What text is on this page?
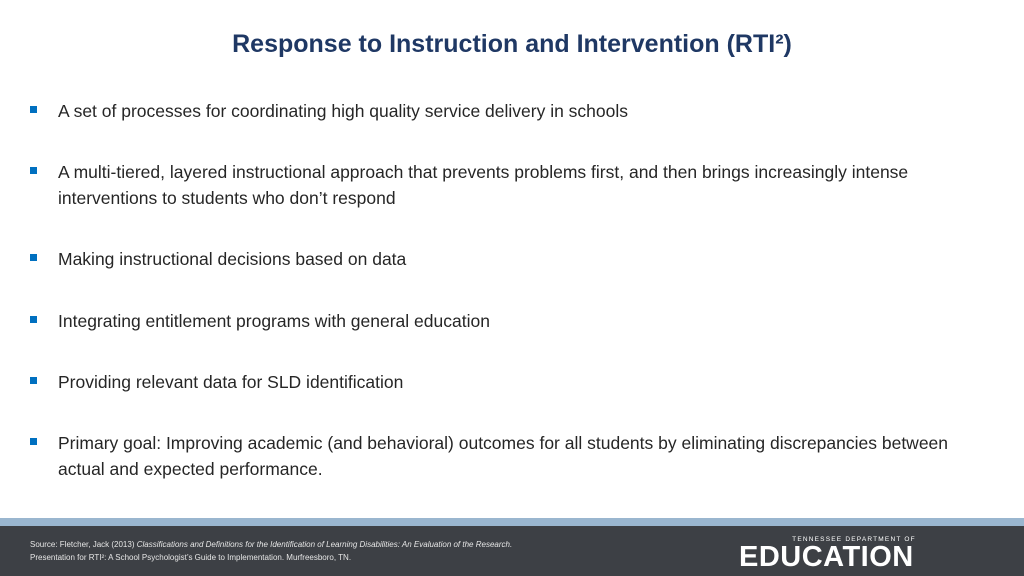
Response to Instruction and Intervention (RTI²)
A set of processes for coordinating high quality service delivery in schools
A multi-tiered, layered instructional approach that prevents problems first, and then brings increasingly intense interventions to students who don’t respond
Making instructional decisions based on data
Integrating entitlement programs with general education
Providing relevant data for SLD identification
Primary goal: Improving academic (and behavioral) outcomes for all students by eliminating discrepancies between actual and expected performance.
Source: Fletcher, Jack (2013) Classifications and Definitions for the Identification of Learning Disabilities: An Evaluation of the Research.
Presentation for RTI²: A School Psychologist’s Guide to Implementation. Murfreesboro, TN.
TENNESSEE DEPARTMENT OF
EDUCATION
